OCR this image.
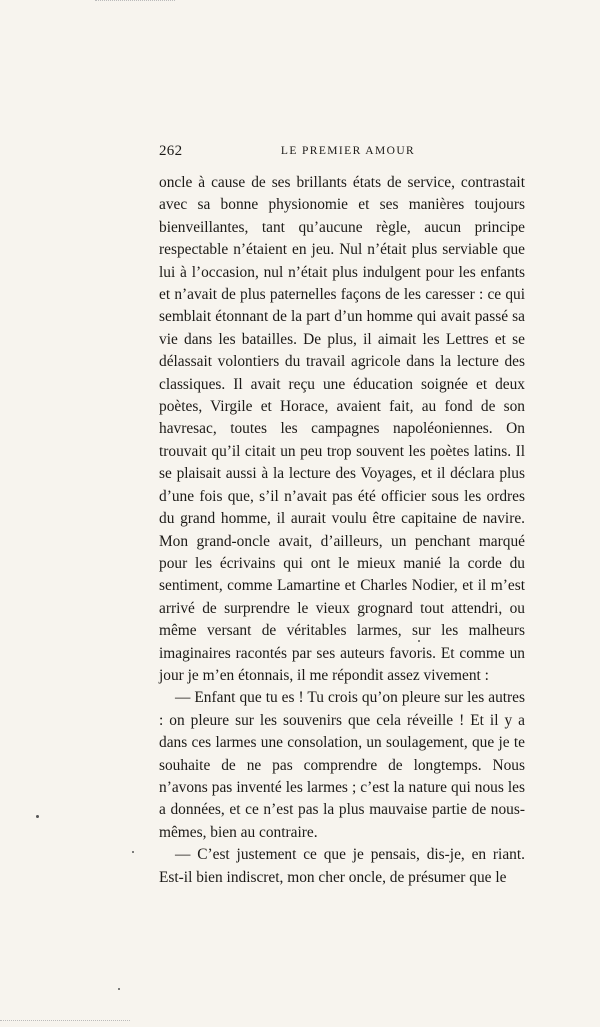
262	LE PREMIER AMOUR

oncle à cause de ses brillants états de service, contrastait avec sa bonne physionomie et ses manières toujours bienveillantes, tant qu’aucune règle, aucun principe respectable n’étaient en jeu. Nul n’était plus serviable que lui à l’occasion, nul n’était plus indulgent pour les enfants et n’avait de plus paternelles façons de les caresser : ce qui semblait étonnant de la part d’un homme qui avait passé sa vie dans les batailles. De plus, il aimait les Lettres et se délassait volontiers du travail agricole dans la lecture des classiques. Il avait reçu une éducation soignée et deux poètes, Virgile et Horace, avaient fait, au fond de son havresac, toutes les campagnes napoléoniennes. On trouvait qu’il citait un peu trop souvent les poètes latins. Il se plaisait aussi à la lecture des Voyages, et il déclara plus d’une fois que, s’il n’avait pas été officier sous les ordres du grand homme, il aurait voulu être capitaine de navire. Mon grand-oncle avait, d’ailleurs, un penchant marqué pour les écrivains qui ont le mieux manié la corde du sentiment, comme Lamartine et Charles Nodier, et il m’est arrivé de surprendre le vieux grognard tout attendri, ou même versant de véritables larmes, sur les malheurs imaginaires racontés par ses auteurs favoris. Et comme un jour je m’en étonnais, il me répondit assez vivement :

— Enfant que tu es ! Tu crois qu’on pleure sur les autres : on pleure sur les souvenirs que cela réveille ! Et il y a dans ces larmes une consolation, un soulagement, que je te souhaite de ne pas comprendre de longtemps. Nous n’avons pas inventé les larmes ; c’est la nature qui nous les a données, et ce n’est pas la plus mauvaise partie de nous-mêmes, bien au contraire.

— C’est justement ce que je pensais, dis-je, en riant. Est-il bien indiscret, mon cher oncle, de présumer que le
